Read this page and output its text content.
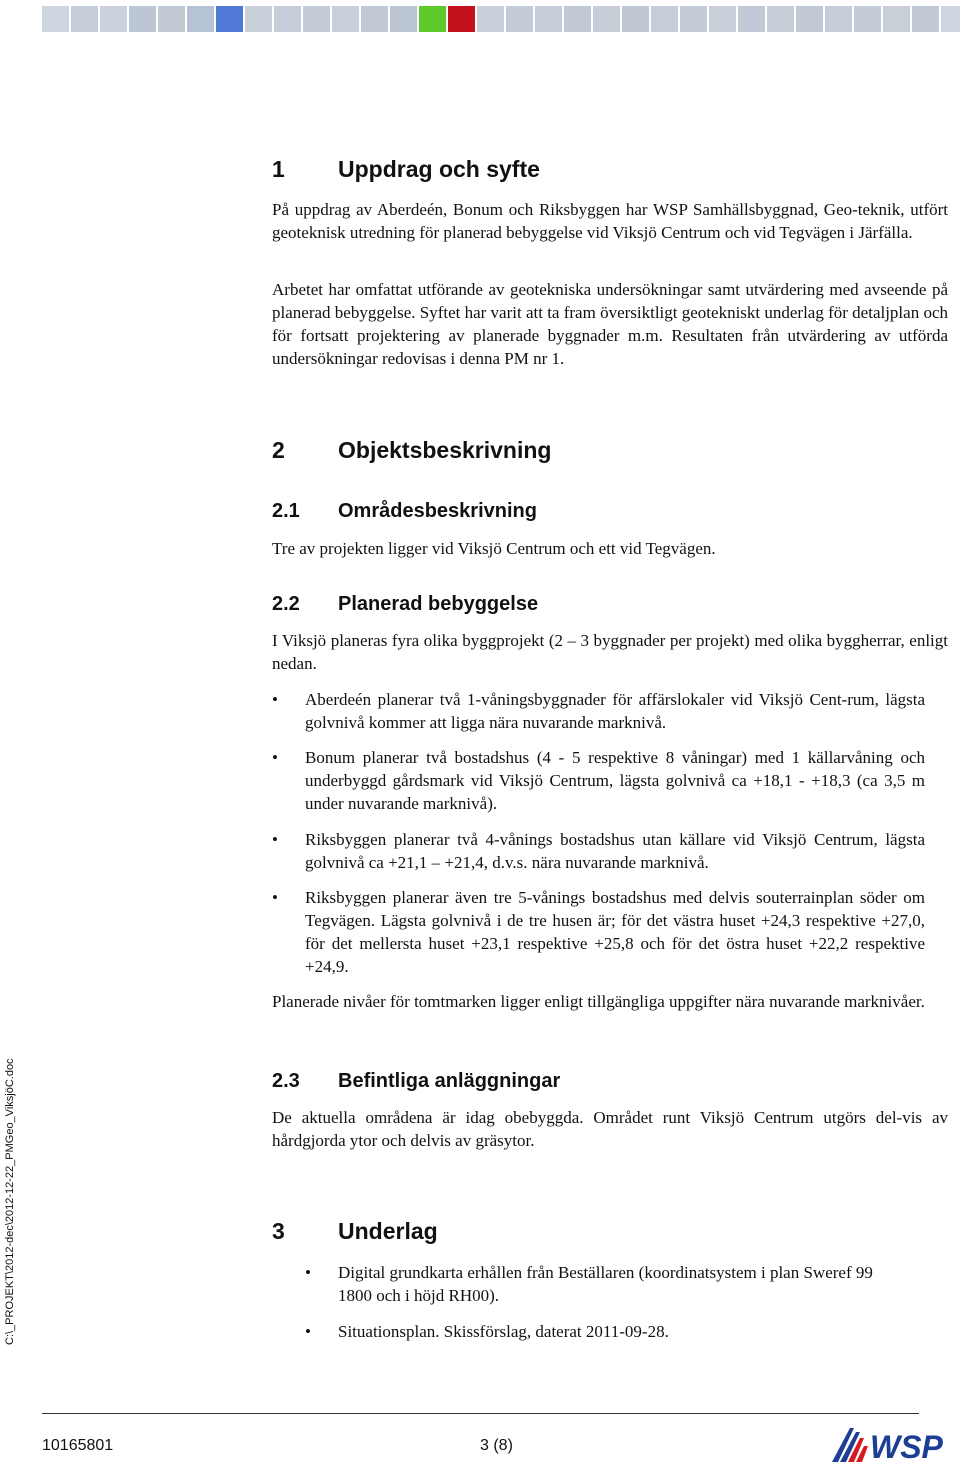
1 Uppdrag och syfte

På uppdrag av Aberdeén, Bonum och Riksbyggen har WSP Samhällsbyggnad, Geo-teknik, utfört geoteknisk utredning för planerad bebyggelse vid Viksjö Centrum och vid Tegvägen i Järfälla.

Arbetet har omfattat utförande av geotekniska undersökningar samt utvärdering med avseende på planerad bebyggelse. Syftet har varit att ta fram översiktligt geotekniskt underlag för detaljplan och för fortsatt projektering av planerade byggnader m.m. Resultaten från utvärdering av utförda undersökningar redovisas i denna PM nr 1.

2 Objektsbeskrivning
2.1 Områdesbeskrivning

Tre av projekten ligger vid Viksjö Centrum och ett vid Tegvägen.

2.2 Planerad bebyggelse

I Viksjö planeras fyra olika byggprojekt (2 – 3 byggnader per projekt) med olika byggherrar, enligt nedan.

• Aberdeén planerar två 1-våningsbyggnader för affärslokaler vid Viksjö Cent-rum, lägsta golvnivå kommer att ligga nära nuvarande marknivå.

• Bonum planerar två bostadshus (4 - 5 respektive 8 våningar) med 1 källarvåning och underbyggd gårdsmark vid Viksjö Centrum, lägsta golvnivå ca +18,1 - +18,3 (ca 3,5 m under nuvarande marknivå).

• Riksbyggen planerar två 4-vånings bostadshus utan källare vid Viksjö Centrum, lägsta golvnivå ca +21,1 – +21,4, d.v.s. nära nuvarande marknivå.

• Riksbyggen planerar även tre 5-vånings bostadshus med delvis souterrainplan söder om Tegvägen. Lägsta golvnivå i de tre husen är; för det västra huset +24,3 respektive +27,0, för det mellersta huset +23,1 respektive +25,8 och för det östra huset +22,2 respektive +24,9.

Planerade nivåer för tomtmarken ligger enligt tillgängliga uppgifter nära nuvarande marknivåer.

2.3 Befintliga anläggningar

De aktuella områdena är idag obebyggda. Området runt Viksjö Centrum utgörs del-vis av hårdgjorda ytor och delvis av gräsytor.

3 Underlag
• Digital grundkarta erhållen från Beställaren (koordinatsystem i plan Sweref 99 1800 och i höjd RH00).

• Situationsplan. Skissförslag, daterat 2011-09-28.

C:\_PROJEKT\2012-dec\2012-12-22_PMGeo_ViksjöC.doc
10165801	3 (8)	WSP
